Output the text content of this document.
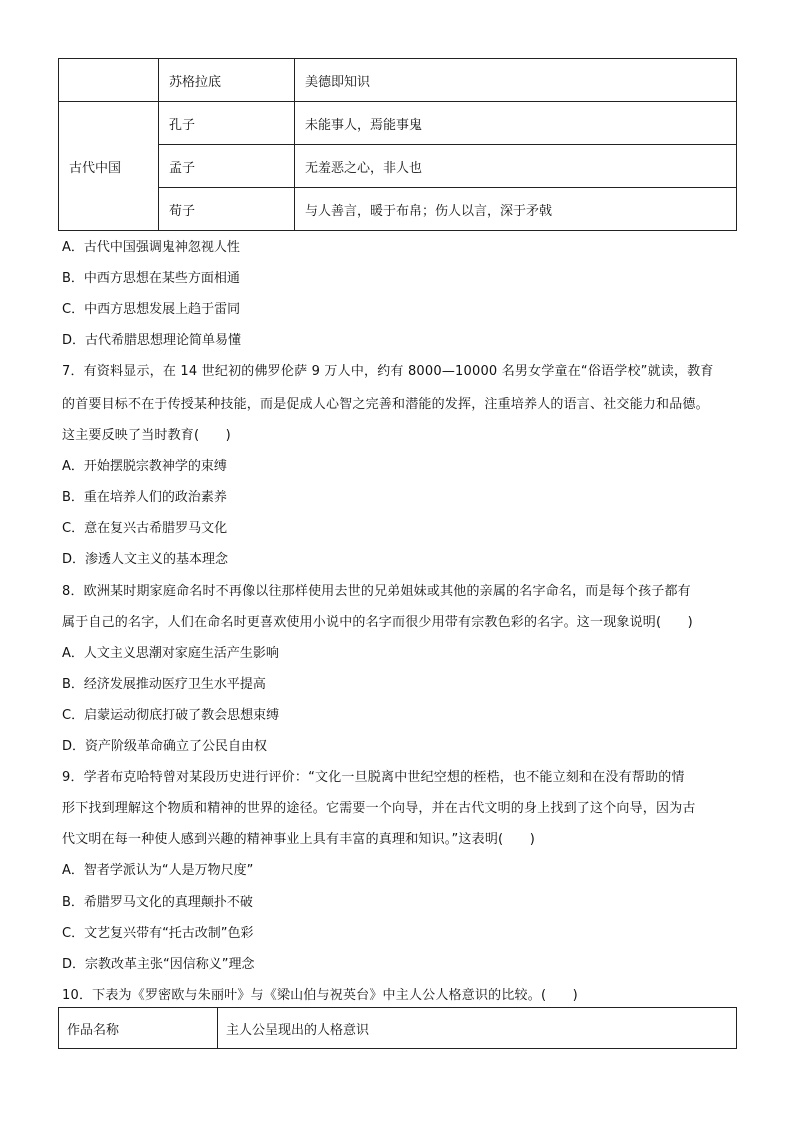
	苏格拉底	美德即知识
古代中国	孔子	未能事人，焉能事鬼
	孟子	无羞恶之心，非人也
	荀子	与人善言，暖于布帛；伤人以言，深于矛戟
A．古代中国强调鬼神忽视人性
B．中西方思想在某些方面相通
C．中西方思想发展上趋于雷同
D．古代希腊思想理论简单易懂
7．有资料显示，在 14 世纪初的佛罗伦萨 9 万人中，约有 8000—10000 名男女学童在“俗语学校”就读，教育
的首要目标不在于传授某种技能，而是促成人心智之完善和潜能的发挥，注重培养人的语言、社交能力和品德。
这主要反映了当时教育(　　)
A．开始摆脱宗教神学的束缚
B．重在培养人们的政治素养
C．意在复兴古希腊罗马文化
D．渗透人文主义的基本理念
8．欧洲某时期家庭命名时不再像以往那样使用去世的兄弟姐妹或其他的亲属的名字命名，而是每个孩子都有
属于自己的名字，人们在命名时更喜欢使用小说中的名字而很少用带有宗教色彩的名字。这一现象说明(　　)
A．人文主义思潮对家庭生活产生影响
B．经济发展推动医疗卫生水平提高
C．启蒙运动彻底打破了教会思想束缚
D．资产阶级革命确立了公民自由权
9．学者布克哈特曾对某段历史进行评价：“文化一旦脱离中世纪空想的桎梏，也不能立刻和在没有帮助的情
形下找到理解这个物质和精神的世界的途径。它需要一个向导，并在古代文明的身上找到了这个向导，因为古
代文明在每一种使人感到兴趣的精神事业上具有丰富的真理和知识。”这表明(　　)
A．智者学派认为“人是万物尺度”
B．希腊罗马文化的真理颠扑不破
C．文艺复兴带有“托古改制”色彩
D．宗教改革主张“因信称义”理念
10．下表为《罗密欧与朱丽叶》与《梁山伯与祝英台》中主人公人格意识的比较。(　　)
作品名称	主人公呈现出的人格意识
